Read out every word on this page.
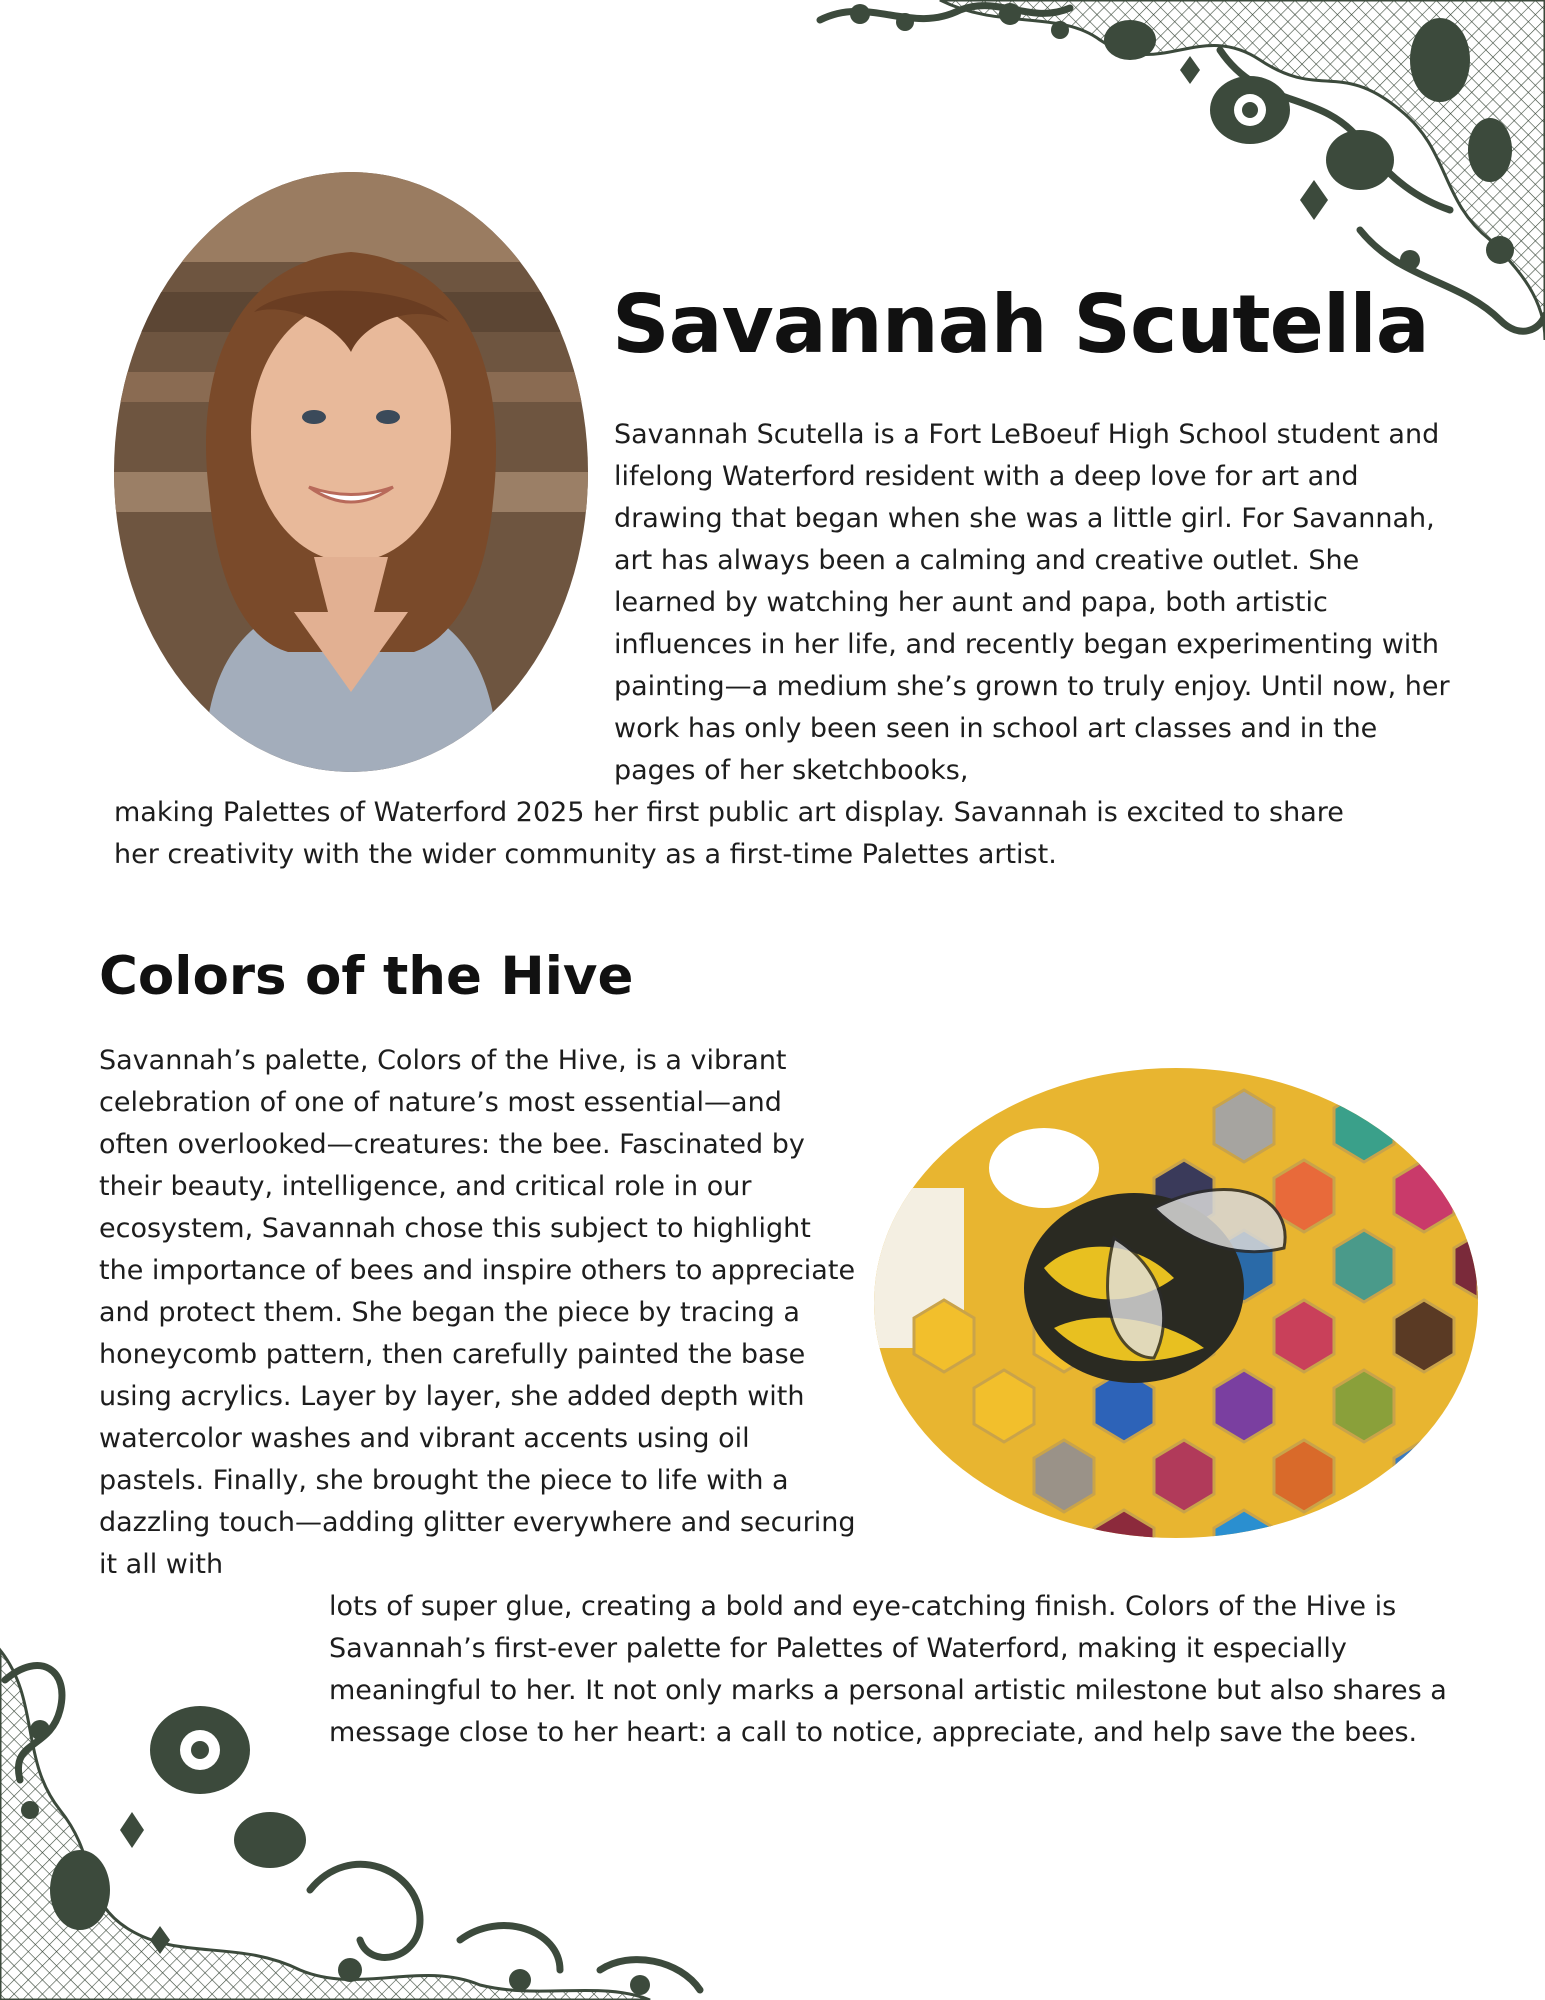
Savannah Scutella

Savannah Scutella is a Fort LeBoeuf High School student and lifelong Waterford resident with a deep love for art and drawing that began when she was a little girl. For Savannah, art has always been a calming and creative outlet. She learned by watching her aunt and papa, both artistic influences in her life, and recently began experimenting with painting—a medium she’s grown to truly enjoy. Until now, her work has only been seen in school art classes and in the pages of her sketchbooks,

making Palettes of Waterford 2025 her first public art display. Savannah is excited to share

her creativity with the wider community as a first-time Palettes artist.

Colors of the Hive

Savannah’s palette, Colors of the Hive, is a vibrant celebration of one of nature’s most essential—and often overlooked—creatures: the bee. Fascinated by their beauty, intelligence, and critical role in our ecosystem, Savannah chose this subject to highlight the importance of bees and inspire others to appreciate and protect them. She began the piece by tracing a honeycomb pattern, then carefully painted the base using acrylics. Layer by layer, she added depth with watercolor washes and vibrant accents using oil pastels. Finally, she brought the piece to life with a dazzling touch—adding glitter everywhere and securing it all with

lots of super glue, creating a bold and eye-catching finish. Colors of the Hive is Savannah’s first-ever palette for Palettes of Waterford, making it especially meaningful to her. It not only marks a personal artistic milestone but also shares a message close to her heart: a call to notice, appreciate, and help save the bees.
